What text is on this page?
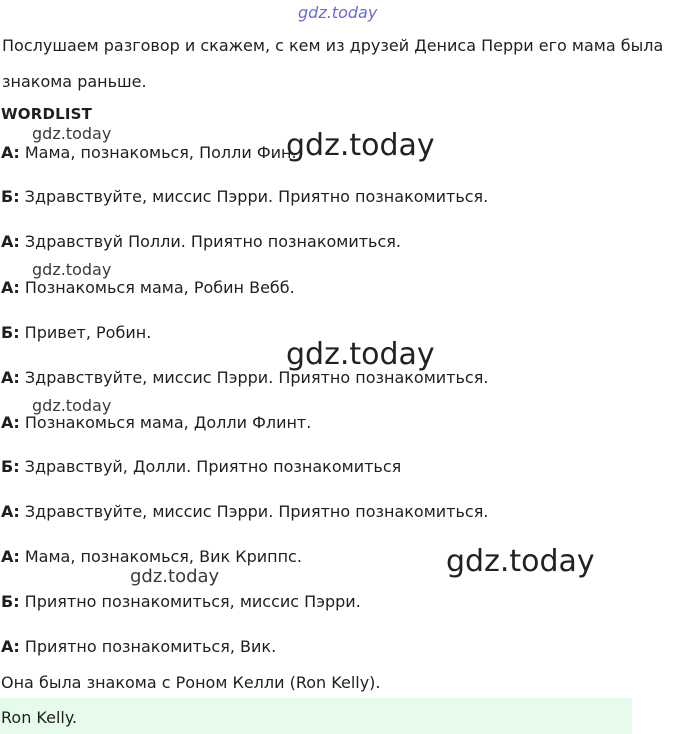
gdz.today

Послушаем разговор и скажем, с кем из друзей Дениса Перри его мама была знакома раньше.

WORDLIST
А: Мама, познакомься, Полли Фин.
Б: Здравствуйте, миссис Пэрри. Приятно познакомиться.
А: Здравствуй Полли. Приятно познакомиться.
А: Познакомься мама, Робин Вебб.
Б: Привет, Робин.
А: Здравствуйте, миссис Пэрри. Приятно познакомиться.
А: Познакомься мама, Долли Флинт.
Б: Здравствуй, Долли. Приятно познакомиться
А: Здравствуйте, миссис Пэрри. Приятно познакомиться.
А: Мама, познакомься, Вик Криппс.
Б: Приятно познакомиться, миссис Пэрри.
А: Приятно познакомиться, Вик.
Она была знакома с Роном Келли (Ron Kelly).
Ron Kelly.
gdz.today	gdz.today
gdz.today
gdz.today
gdz.today
gdz.today
gdz.today
